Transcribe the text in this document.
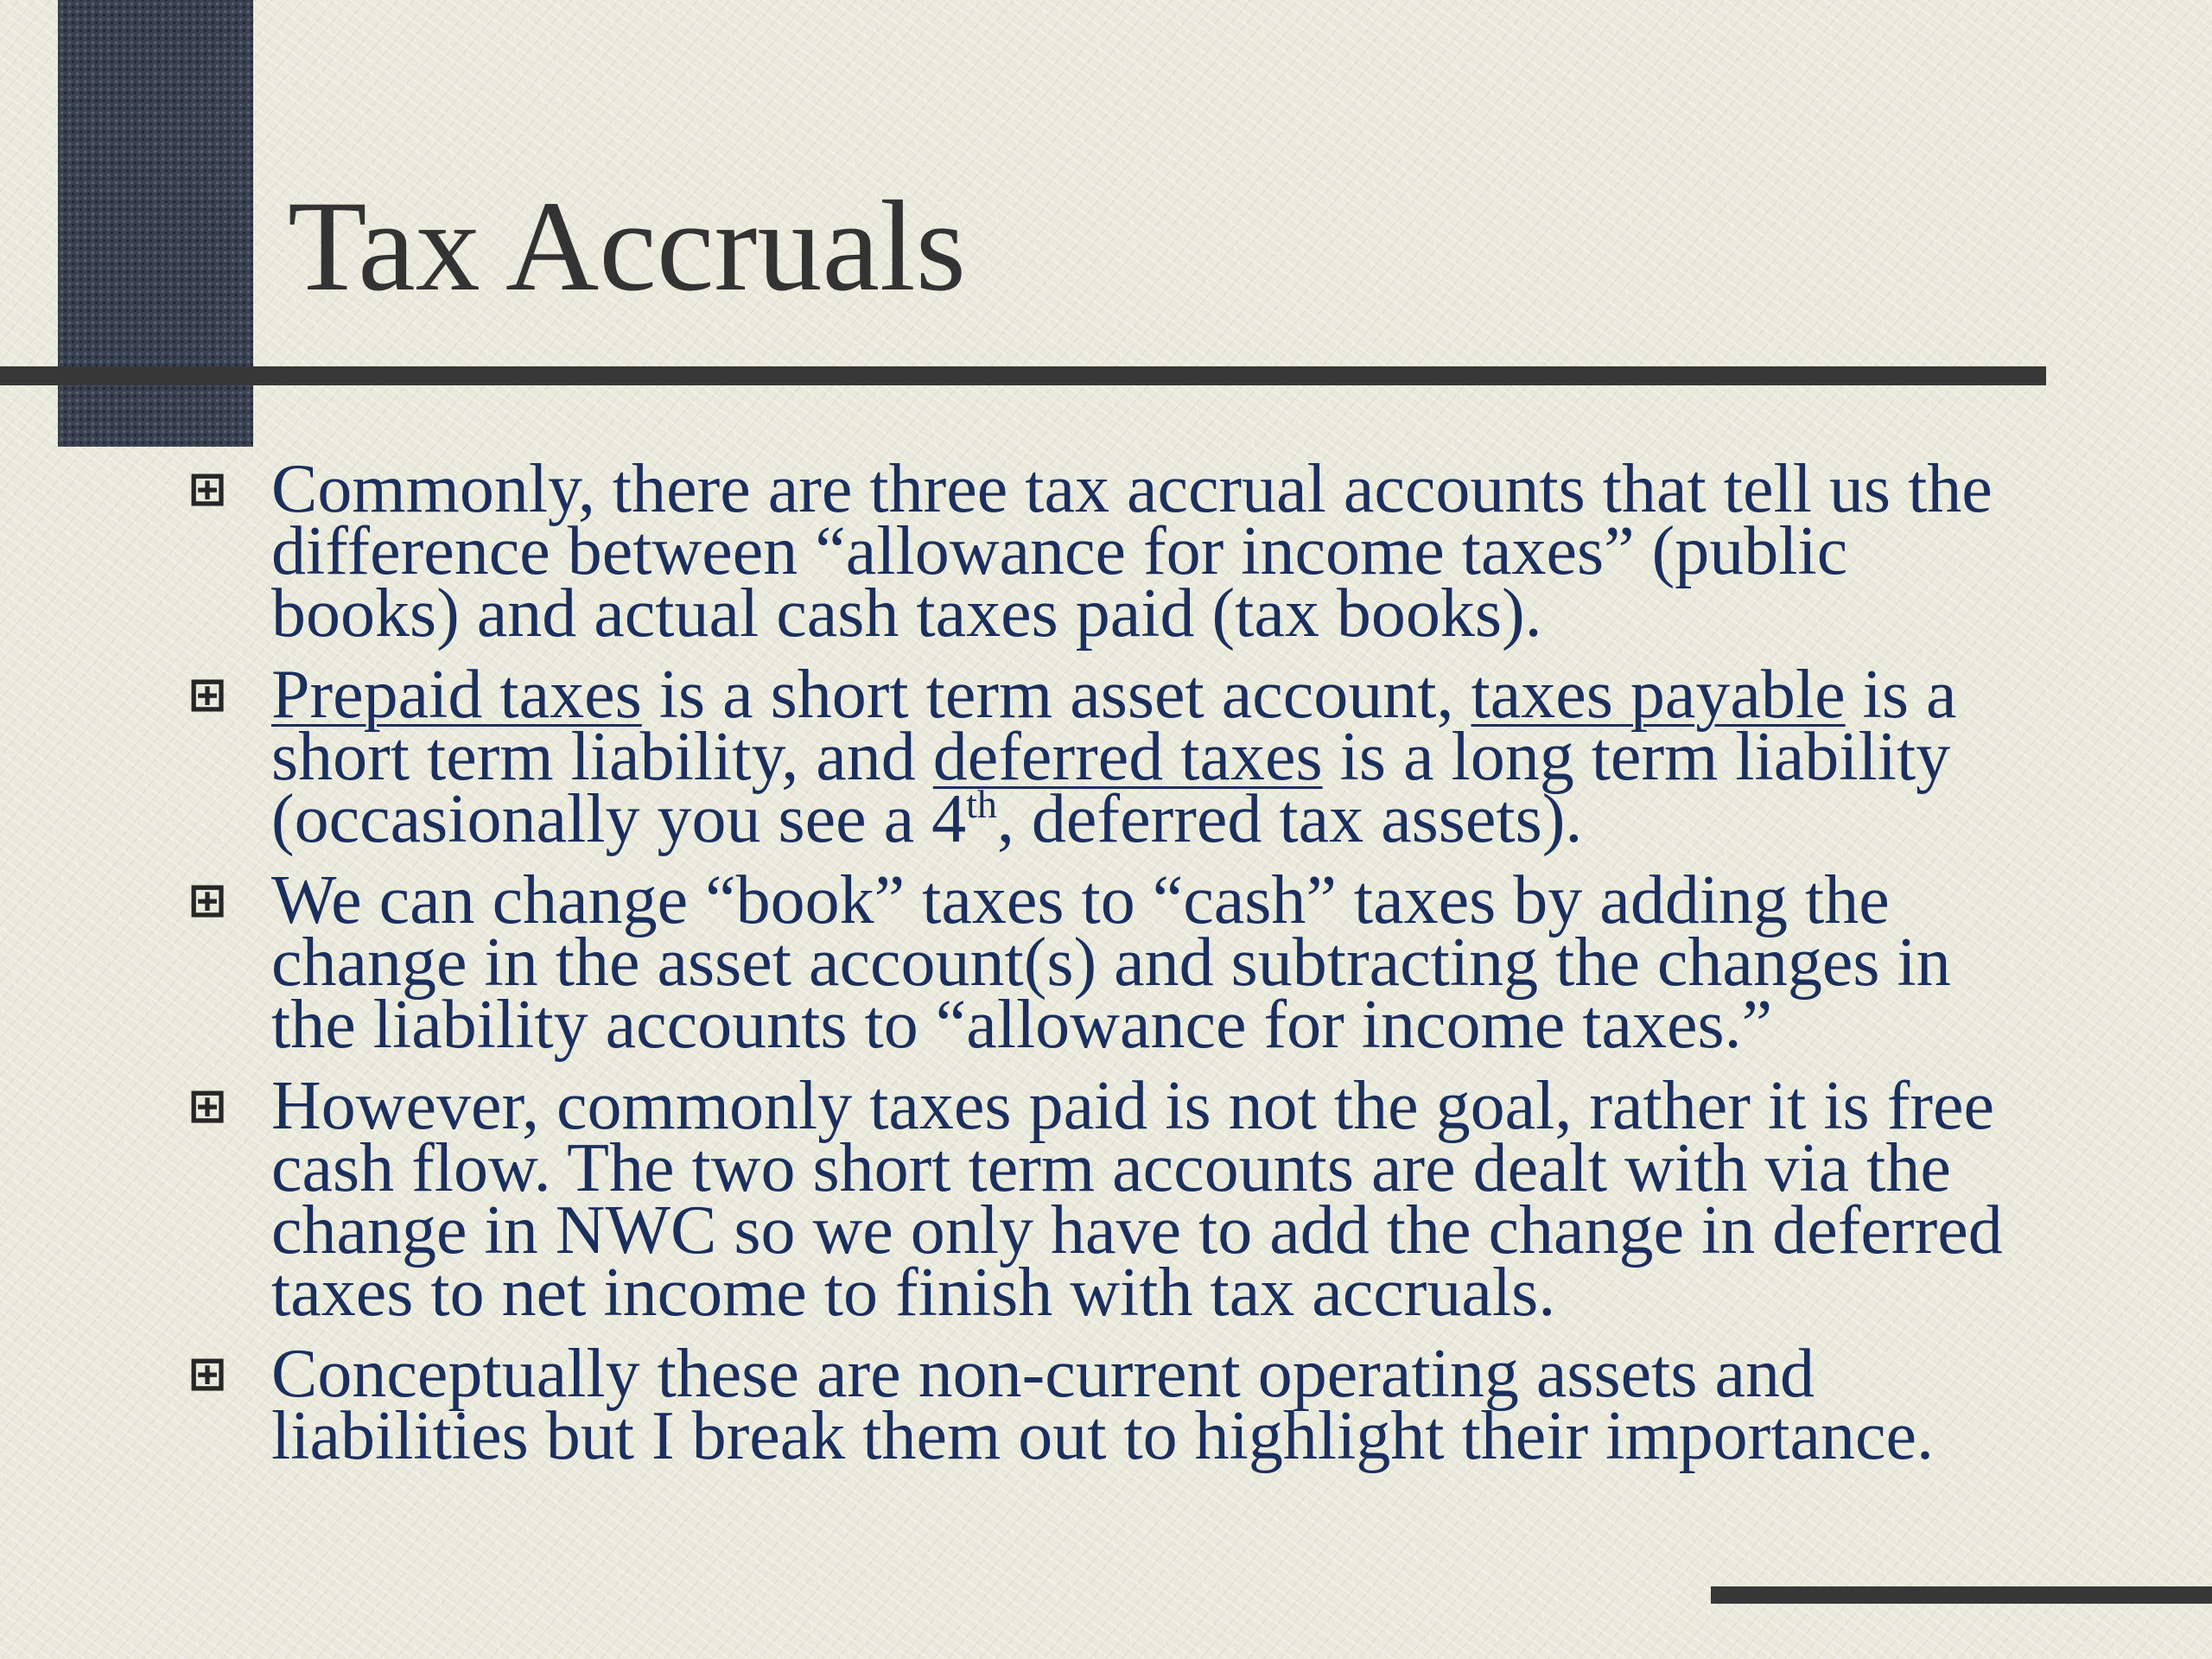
Tax Accruals
⊞ Commonly, there are three tax accrual accounts that tell us the difference between “allowance for income taxes” (public books) and actual cash taxes paid (tax books).
⊞ Prepaid taxes is a short term asset account, taxes payable is a short term liability, and deferred taxes is a long term liability (occasionally you see a 4th, deferred tax assets).
⊞ We can change “book” taxes to “cash” taxes by adding the change in the asset account(s) and subtracting the changes in the liability accounts to “allowance for income taxes.”
⊞ However, commonly taxes paid is not the goal, rather it is free cash flow. The two short term accounts are dealt with via the change in NWC so we only have to add the change in deferred taxes to net income to finish with tax accruals.
⊞ Conceptually these are non-current operating assets and liabilities but I break them out to highlight their importance.
